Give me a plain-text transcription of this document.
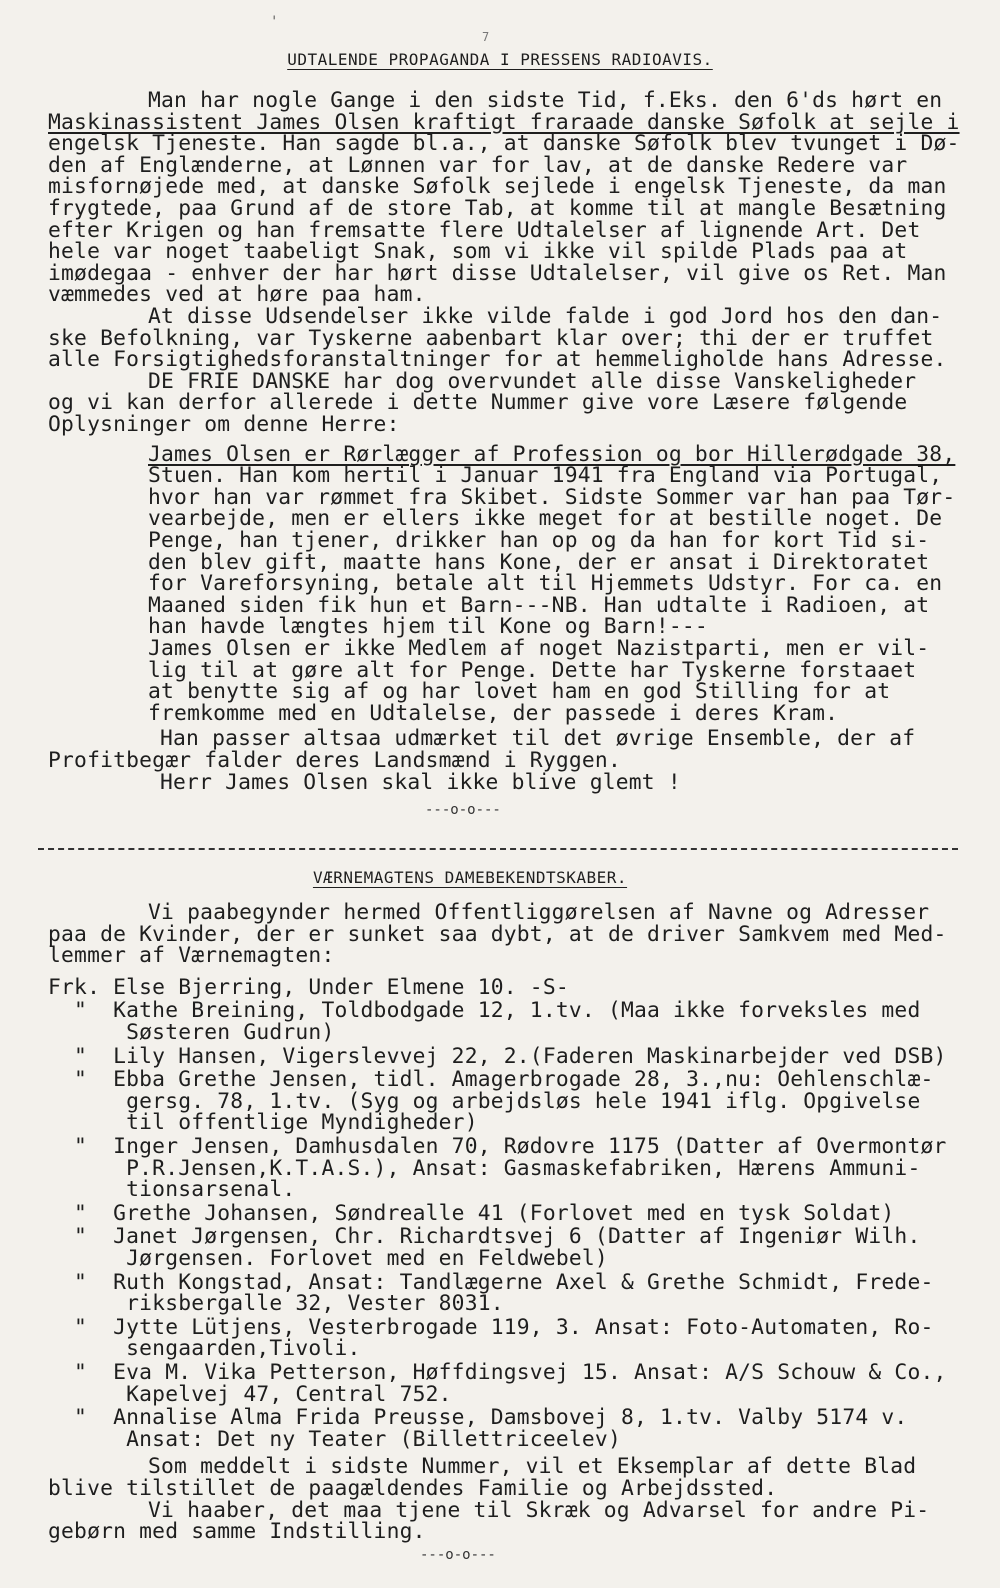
'
7
UDTALENDE PROPAGANDA I PRESSENS RADIOAVIS.
VÆRNEMAGTENS DAMEBEKENDTSKABER.
Man har nogle Gange i den sidste Tid, f.Eks. den 6'ds hørt en
Maskinassistent James Olsen kraftigt fraraade danske Søfolk at sejle i
engelsk Tjeneste. Han sagde bl.a., at danske Søfolk blev tvunget i Dø-
den af Englænderne, at Lønnen var for lav, at de danske Redere var
misfornøjede med, at danske Søfolk sejlede i engelsk Tjeneste, da man
frygtede, paa Grund af de store Tab, at komme til at mangle Besætning
efter Krigen og han fremsatte flere Udtalelser af lignende Art. Det
hele var noget taabeligt Snak, som vi ikke vil spilde Plads paa at
imødegaa - enhver der har hørt disse Udtalelser, vil give os Ret. Man
væmmedes ved at høre paa ham.
At disse Udsendelser ikke vilde falde i god Jord hos den dan-
ske Befolkning, var Tyskerne aabenbart klar over; thi der er truffet
alle Forsigtighedsforanstaltninger for at hemmeligholde hans Adresse.
DE FRIE DANSKE har dog overvundet alle disse Vanskeligheder
og vi kan derfor allerede i dette Nummer give vore Læsere følgende
Oplysninger om denne Herre:
James Olsen er Rørlægger af Profession og bor Hillerødgade 38,
Stuen. Han kom hertil i Januar 1941 fra England via Portugal,
hvor han var rømmet fra Skibet. Sidste Sommer var han paa Tør-
vearbejde, men er ellers ikke meget for at bestille noget. De
Penge, han tjener, drikker han op og da han for kort Tid si-
den blev gift, maatte hans Kone, der er ansat i Direktoratet
for Vareforsyning, betale alt til Hjemmets Udstyr. For ca. en
Maaned siden fik hun et Barn---NB. Han udtalte i Radioen, at
han havde længtes hjem til Kone og Barn!---
James Olsen er ikke Medlem af noget Nazistparti, men er vil-
lig til at gøre alt for Penge. Dette har Tyskerne forstaaet
at benytte sig af og har lovet ham en god Stilling for at
fremkomme med en Udtalelse, der passede i deres Kram.
Han passer altsaa udmærket til det øvrige Ensemble, der af
Profitbegær falder deres Landsmænd i Ryggen.
Herr James Olsen skal ikke blive glemt !
---o-o---
Vi paabegynder hermed Offentliggørelsen af Navne og Adresser
paa de Kvinder, der er sunket saa dybt, at de driver Samkvem med Med-
lemmer af Værnemagten:
Frk. Else Bjerring, Under Elmene 10. -S-
"  Kathe Breining, Toldbodgade 12, 1.tv. (Maa ikke forveksles med
Søsteren Gudrun)
"  Lily Hansen, Vigerslevvej 22, 2.(Faderen Maskinarbejder ved DSB)
"  Ebba Grethe Jensen, tidl. Amagerbrogade 28, 3.,nu: Oehlenschlæ-
gersg. 78, 1.tv. (Syg og arbejdsløs hele 1941 iflg. Opgivelse
til offentlige Myndigheder)
"  Inger Jensen, Damhusdalen 70, Rødovre 1175 (Datter af Overmontør
P.R.Jensen,K.T.A.S.), Ansat: Gasmaskefabriken, Hærens Ammuni-
tionsarsenal.
"  Grethe Johansen, Søndrealle 41 (Forlovet med en tysk Soldat)
"  Janet Jørgensen, Chr. Richardtsvej 6 (Datter af Ingeniør Wilh.
Jørgensen. Forlovet med en Feldwebel)
"  Ruth Kongstad, Ansat: Tandlægerne Axel & Grethe Schmidt, Frede-
riksbergalle 32, Vester 8031.
"  Jytte Lütjens, Vesterbrogade 119, 3. Ansat: Foto-Automaten, Ro-
sengaarden,Tivoli.
"  Eva M. Vika Petterson, Høffdingsvej 15. Ansat: A/S Schouw & Co.,
Kapelvej 47, Central 752.
"  Annalise Alma Frida Preusse, Damsbovej 8, 1.tv. Valby 5174 v.
Ansat: Det ny Teater (Billettriceelev)
Som meddelt i sidste Nummer, vil et Eksemplar af dette Blad
blive tilstillet de paagældendes Familie og Arbejdssted.
Vi haaber, det maa tjene til Skræk og Advarsel for andre Pi-
gebørn med samme Indstilling.
---o-o---
